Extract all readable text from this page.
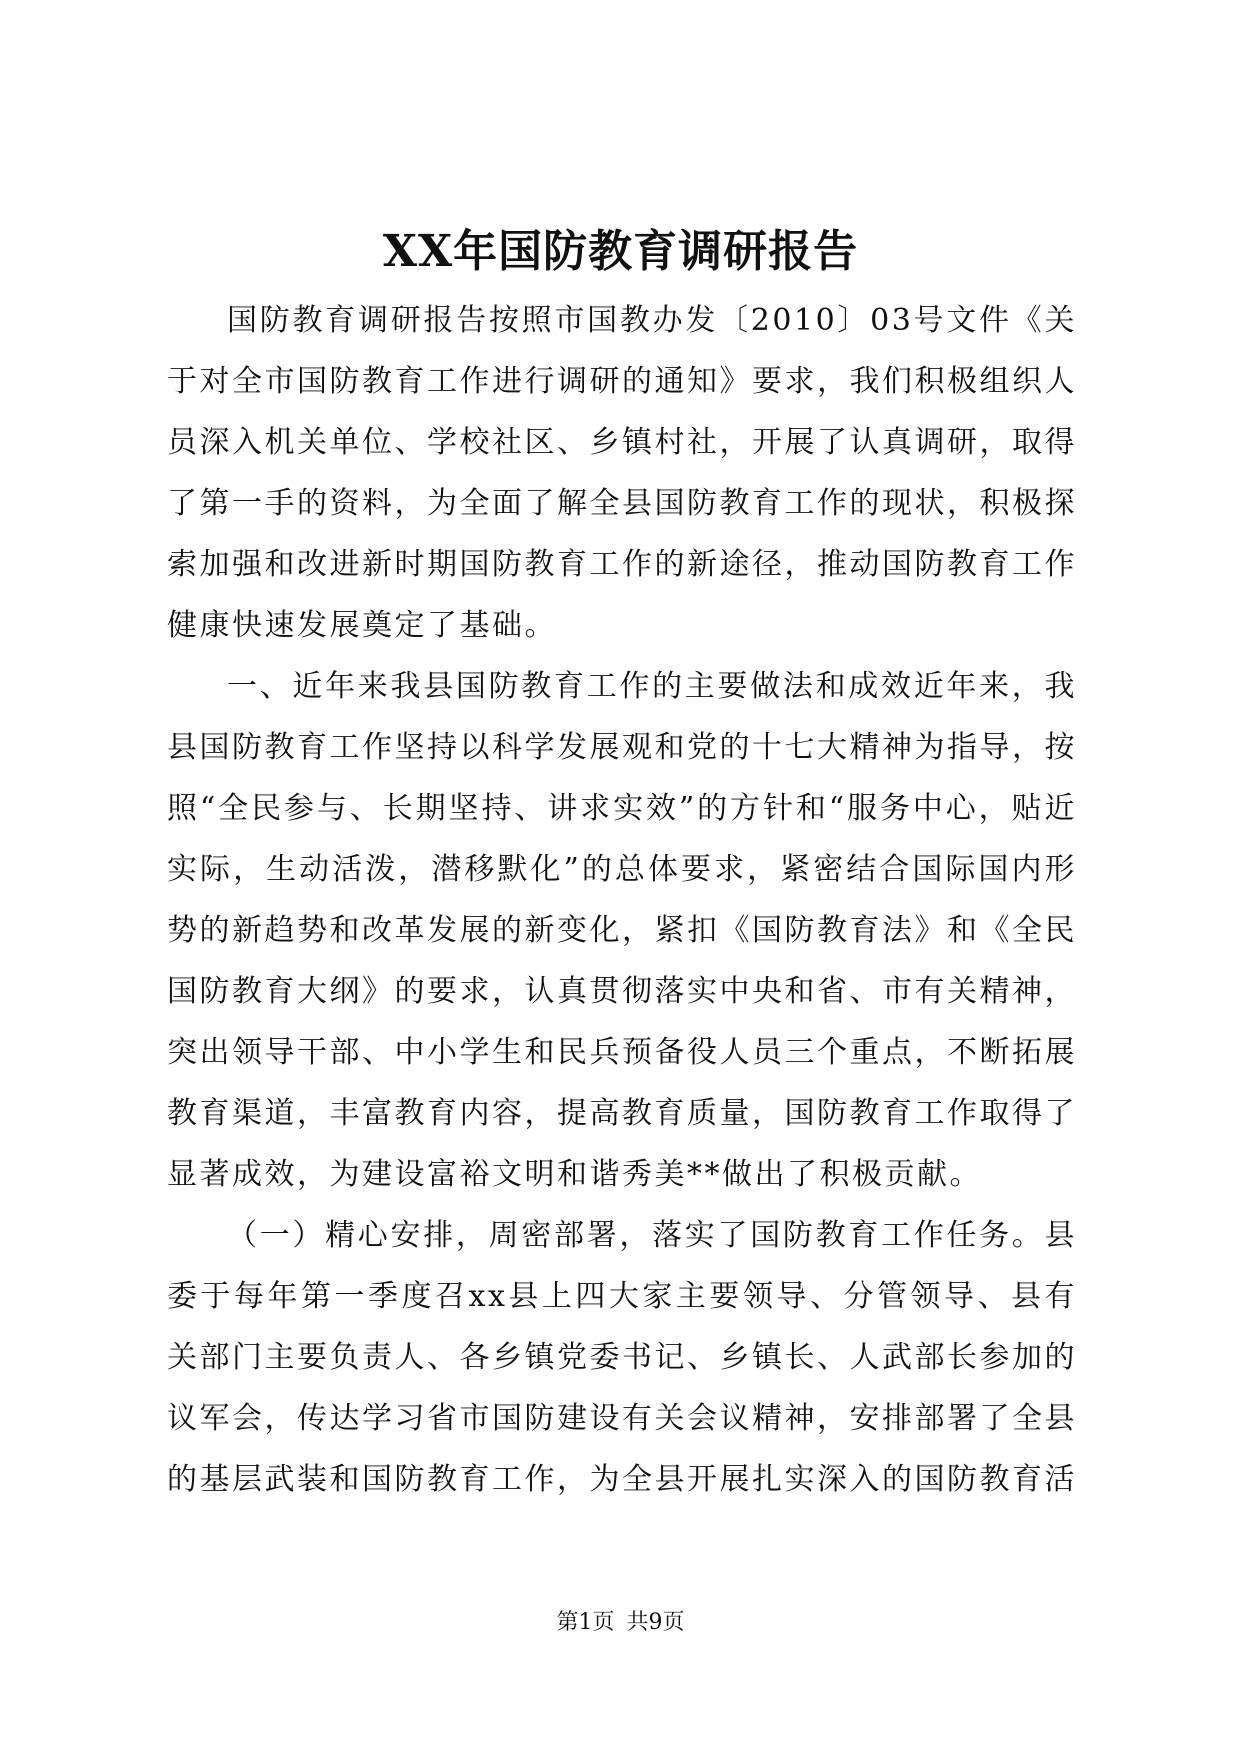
XX年国防教育调研报告

国防教育调研报告按照市国教办发〔2010〕03号文件《关于对全市国防教育工作进行调研的通知》要求，我们积极组织人员深入机关单位、学校社区、乡镇村社，开展了认真调研，取得了第一手的资料，为全面了解全县国防教育工作的现状，积极探索加强和改进新时期国防教育工作的新途径，推动国防教育工作健康快速发展奠定了基础。

一、近年来我县国防教育工作的主要做法和成效近年来，我县国防教育工作坚持以科学发展观和党的十七大精神为指导，按照“全民参与、长期坚持、讲求实效”的方针和“服务中心，贴近实际，生动活泼，潜移默化”的总体要求，紧密结合国际国内形势的新趋势和改革发展的新变化，紧扣《国防教育法》和《全民国防教育大纲》的要求，认真贯彻落实中央和省、市有关精神，突出领导干部、中小学生和民兵预备役人员三个重点，不断拓展教育渠道，丰富教育内容，提高教育质量，国防教育工作取得了显著成效，为建设富裕文明和谐秀美**做出了积极贡献。

（一）精心安排，周密部署，落实了国防教育工作任务。县委于每年第一季度召xx县上四大家主要领导、分管领导、县有关部门主要负责人、各乡镇党委书记、乡镇长、人武部长参加的议军会，传达学习省市国防建设有关会议精神，安排部署了全县的基层武装和国防教育工作，为全县开展扎实深入的国防教育活

第1页 共9页
